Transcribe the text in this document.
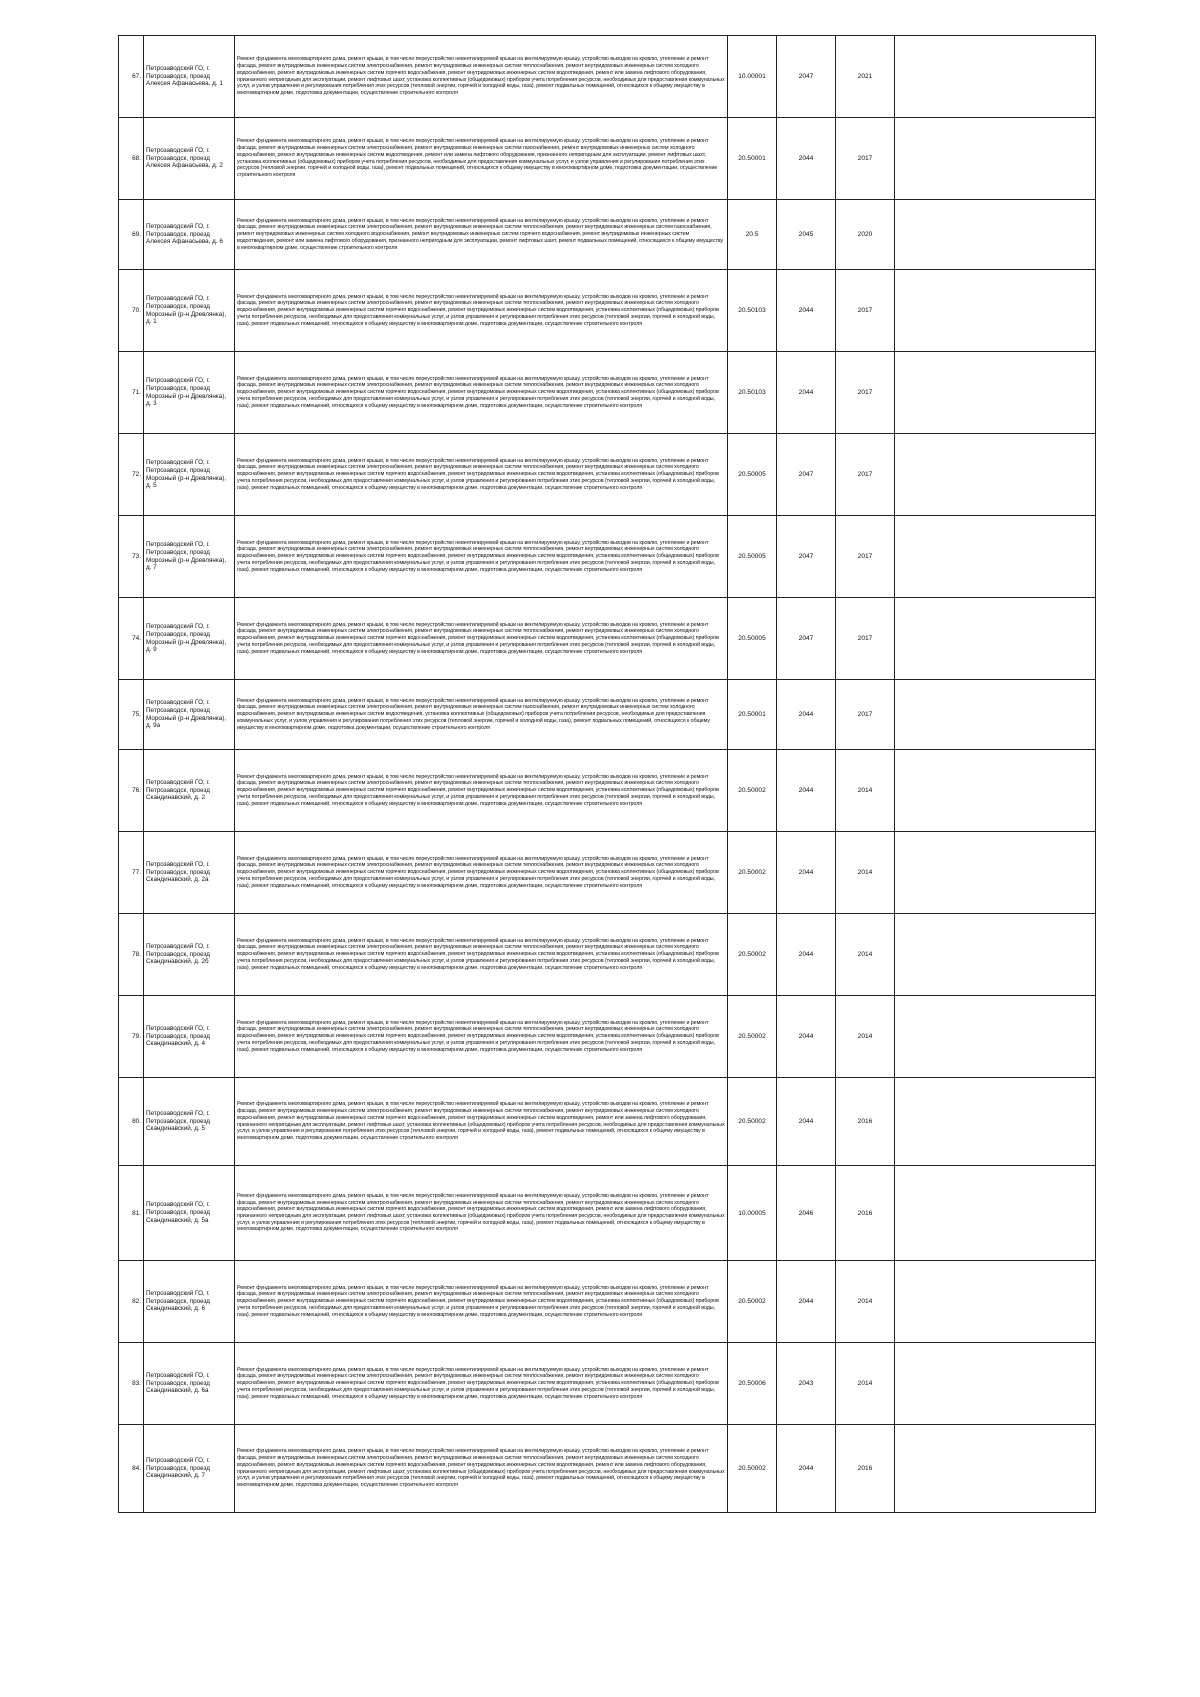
67.	Петрозаводский ГО, г. Петрозаводск, проезд Алексея Афанасьева, д. 1	Ремонт фундамента многоквартирного дома, ремонт крыши, в том числе переустройство невентилируемой крыши на вентилируемую крышу, устройство выходов на кровлю, утепление и ремонт фасада, ремонт внутридомовых инженерных систем электроснабжения, ремонт внутридомовых инженерных систем теплоснабжения, ремонт внутридомовых инженерных систем холодного водоснабжения, ремонт внутридомовых инженерных систем горячего водоснабжения, ремонт внутридомовых инженерных систем водоотведения, ремонт или замена лифтового оборудования, признанного непригодным для эксплуатации, ремонт лифтовых шахт, установка коллективных (общедомовых) приборов учета потребления ресурсов, необходимых для предоставления коммунальных услуг, и узлов управления и регулирования потребления этих ресурсов (тепловой энергии, горячей и холодной воды, газа), ремонт подвальных помещений, относящихся к общему имуществу в многоквартирном доме, подготовка документации, осуществление строительного контроля	10.00001	2047	2021	
68.	Петрозаводский ГО, г. Петрозаводск, проезд Алексея Афанасьева, д. 2	Ремонт фундамента многоквартирного дома, ремонт крыши, в том числе переустройство невентилируемой крыши на вентилируемую крышу, устройство выходов на кровлю, утепление и ремонт фасада, ремонт внутридомовых инженерных систем электроснабжения, ремонт внутридомовых инженерных систем газоснабжения, ремонт внутридомовых инженерных систем холодного водоснабжения, ремонт внутридомовых инженерных систем водоотведения, ремонт или замена лифтового оборудования, признанного непригодным для эксплуатации, ремонт лифтовых шахт, установка коллективных (общедомовых) приборов учета потребления ресурсов, необходимых для предоставления коммунальных услуг, и узлов управления и регулирования потребления этих ресурсов (тепловой энергии, горячей и холодной воды, газа), ремонт подвальных помещений, относящихся к общему имуществу в многоквартирном доме, подготовка документации, осуществление строительного контроля	20.50001	2044	2017	
69.	Петрозаводский ГО, г. Петрозаводск, проезд Алексея Афанасьева, д. 6	Ремонт фундамента многоквартирного дома, ремонт крыши, в том числе переустройство невентилируемой крыши на вентилируемую крышу, устройство выходов на кровлю, утепление и ремонт фасада, ремонт внутридомовых инженерных систем электроснабжения, ремонт внутридомовых инженерных систем теплоснабжения, ремонт внутридомовых инженерных систем газоснабжения, ремонт внутридомовых инженерных систем холодного водоснабжения, ремонт внутридомовых инженерных систем горячего водоснабжения, ремонт внутридомовых инженерных систем водоотведения, ремонт или замена лифтового оборудования, признанного непригодным для эксплуатации, ремонт лифтовых шахт, ремонт подвальных помещений, относящихся к общему имуществу в многоквартирном доме, осуществление строительного контроля	20.5	2045	2020	
70.	Петрозаводский ГО, г. Петрозаводск, проезд Морозный (р-н Древлянка), д. 1	Ремонт фундамента многоквартирного дома, ремонт крыши, в том числе переустройство невентилируемой крыши на вентилируемую крышу, устройство выходов на кровлю, утепление и ремонт фасада, ремонт внутридомовых инженерных систем электроснабжения, ремонт внутридомовых инженерных систем теплоснабжения, ремонт внутридомовых инженерных систем холодного водоснабжения, ремонт внутридомовых инженерных систем горячего водоснабжения, ремонт внутридомовых инженерных систем водоотведения, установка коллективных (общедомовых) приборов учета потребления ресурсов, необходимых для предоставления коммунальных услуг, и узлов управления и регулирования потребления этих ресурсов (тепловой энергии, горячей и холодной воды, газа), ремонт подвальных помещений, относящихся к общему имуществу в многоквартирном доме, подготовка документации, осуществление строительного контроля	20.50103	2044	2017	
71.	Петрозаводский ГО, г. Петрозаводск, проезд Морозный (р-н Древлянка), д. 3	Ремонт фундамента многоквартирного дома, ремонт крыши, в том числе переустройство невентилируемой крыши на вентилируемую крышу, устройство выходов на кровлю, утепление и ремонт фасада, ремонт внутридомовых инженерных систем электроснабжения, ремонт внутридомовых инженерных систем теплоснабжения, ремонт внутридомовых инженерных систем холодного водоснабжения, ремонт внутридомовых инженерных систем горячего водоснабжения, ремонт внутридомовых инженерных систем водоотведения, установка коллективных (общедомовых) приборов учета потребления ресурсов, необходимых для предоставления коммунальных услуг, и узлов управления и регулирования потребления этих ресурсов (тепловой энергии, горячей и холодной воды, газа), ремонт подвальных помещений, относящихся к общему имуществу в многоквартирном доме, подготовка документации, осуществление строительного контроля	20.50103	2044	2017	
72.	Петрозаводский ГО, г. Петрозаводск, проезд Морозный (р-н Древлянка), д. 5	Ремонт фундамента многоквартирного дома, ремонт крыши, в том числе переустройство невентилируемой крыши на вентилируемую крышу, устройство выходов на кровлю, утепление и ремонт фасада, ремонт внутридомовых инженерных систем электроснабжения, ремонт внутридомовых инженерных систем теплоснабжения, ремонт внутридомовых инженерных систем холодного водоснабжения, ремонт внутридомовых инженерных систем горячего водоснабжения, ремонт внутридомовых инженерных систем водоотведения, установка коллективных (общедомовых) приборов учета потребления ресурсов, необходимых для предоставления коммунальных услуг, и узлов управления и регулирования потребления этих ресурсов (тепловой энергии, горячей и холодной воды, газа), ремонт подвальных помещений, относящихся к общему имуществу в многоквартирном доме, подготовка документации, осуществление строительного контроля	20.50005	2047	2017	
73.	Петрозаводский ГО, г. Петрозаводск, проезд Морозный (р-н Древлянка), д. 7	Ремонт фундамента многоквартирного дома, ремонт крыши, в том числе переустройство невентилируемой крыши на вентилируемую крышу, устройство выходов на кровлю, утепление и ремонт фасада, ремонт внутридомовых инженерных систем электроснабжения, ремонт внутридомовых инженерных систем теплоснабжения, ремонт внутридомовых инженерных систем холодного водоснабжения, ремонт внутридомовых инженерных систем горячего водоснабжения, ремонт внутридомовых инженерных систем водоотведения, установка коллективных (общедомовых) приборов учета потребления ресурсов, необходимых для предоставления коммунальных услуг, и узлов управления и регулирования потребления этих ресурсов (тепловой энергии, горячей и холодной воды, газа), ремонт подвальных помещений, относящихся к общему имуществу в многоквартирном доме, подготовка документации, осуществление строительного контроля	20.50005	2047	2017	
74.	Петрозаводский ГО, г. Петрозаводск, проезд Морозный (р-н Древлянка), д. 9	Ремонт фундамента многоквартирного дома, ремонт крыши, в том числе переустройство невентилируемой крыши на вентилируемую крышу, устройство выходов на кровлю, утепление и ремонт фасада, ремонт внутридомовых инженерных систем электроснабжения, ремонт внутридомовых инженерных систем теплоснабжения, ремонт внутридомовых инженерных систем холодного водоснабжения, ремонт внутридомовых инженерных систем горячего водоснабжения, ремонт внутридомовых инженерных систем водоотведения, установка коллективных (общедомовых) приборов учета потребления ресурсов, необходимых для предоставления коммунальных услуг, и узлов управления и регулирования потребления этих ресурсов (тепловой энергии, горячей и холодной воды, газа), ремонт подвальных помещений, относящихся к общему имуществу в многоквартирном доме, подготовка документации, осуществление строительного контроля	20.50005	2047	2017	
75.	Петрозаводский ГО, г. Петрозаводск, проезд Морозный (р-н Древлянка), д. 9а	Ремонт фундамента многоквартирного дома, ремонт крыши, в том числе переустройство невентилируемой крыши на вентилируемую крышу, устройство выходов на кровлю, утепление и ремонт фасада, ремонт внутридомовых инженерных систем электроснабжения, ремонт внутридомовых инженерных систем газоснабжения, ремонт внутридомовых инженерных систем холодного водоснабжения, ремонт внутридомовых инженерных систем водоотведения, установка коллективных (общедомовых) приборов учета потребления ресурсов, необходимых для предоставления коммунальных услуг, и узлов управления и регулирования потребления этих ресурсов (тепловой энергии, горячей и холодной воды, газа), ремонт подвальных помещений, относящихся к общему имуществу в многоквартирном доме, подготовка документации, осуществление строительного контроля	20.50001	2044	2017	
76.	Петрозаводский ГО, г. Петрозаводск, проезд Скандинавский, д. 2	Ремонт фундамента многоквартирного дома, ремонт крыши, в том числе переустройство невентилируемой крыши на вентилируемую крышу, устройство выходов на кровлю, утепление и ремонт фасада, ремонт внутридомовых инженерных систем электроснабжения, ремонт внутридомовых инженерных систем теплоснабжения, ремонт внутридомовых инженерных систем холодного водоснабжения, ремонт внутридомовых инженерных систем горячего водоснабжения, ремонт внутридомовых инженерных систем водоотведения, установка коллективных (общедомовых) приборов учета потребления ресурсов, необходимых для предоставления коммунальных услуг, и узлов управления и регулирования потребления этих ресурсов (тепловой энергии, горячей и холодной воды, газа), ремонт подвальных помещений, относящихся к общему имуществу в многоквартирном доме, подготовка документации, осуществление строительного контроля	20.50002	2044	2014	
77.	Петрозаводский ГО, г. Петрозаводск, проезд Скандинавский, д. 2а	Ремонт фундамента многоквартирного дома, ремонт крыши, в том числе переустройство невентилируемой крыши на вентилируемую крышу, устройство выходов на кровлю, утепление и ремонт фасада, ремонт внутридомовых инженерных систем электроснабжения, ремонт внутридомовых инженерных систем теплоснабжения, ремонт внутридомовых инженерных систем холодного водоснабжения, ремонт внутридомовых инженерных систем горячего водоснабжения, ремонт внутридомовых инженерных систем водоотведения, установка коллективных (общедомовых) приборов учета потребления ресурсов, необходимых для предоставления коммунальных услуг, и узлов управления и регулирования потребления этих ресурсов (тепловой энергии, горячей и холодной воды, газа), ремонт подвальных помещений, относящихся к общему имуществу в многоквартирном доме, подготовка документации, осуществление строительного контроля	20.50002	2044	2014	
78.	Петрозаводский ГО, г. Петрозаводск, проезд Скандинавский, д. 2б	Ремонт фундамента многоквартирного дома, ремонт крыши, в том числе переустройство невентилируемой крыши на вентилируемую крышу, устройство выходов на кровлю, утепление и ремонт фасада, ремонт внутридомовых инженерных систем электроснабжения, ремонт внутридомовых инженерных систем теплоснабжения, ремонт внутридомовых инженерных систем холодного водоснабжения, ремонт внутридомовых инженерных систем горячего водоснабжения, ремонт внутридомовых инженерных систем водоотведения, установка коллективных (общедомовых) приборов учета потребления ресурсов, необходимых для предоставления коммунальных услуг, и узлов управления и регулирования потребления этих ресурсов (тепловой энергии, горячей и холодной воды, газа), ремонт подвальных помещений, относящихся к общему имуществу в многоквартирном доме, подготовка документации, осуществление строительного контроля	20.50002	2044	2014	
79.	Петрозаводский ГО, г. Петрозаводск, проезд Скандинавский, д. 4	Ремонт фундамента многоквартирного дома, ремонт крыши, в том числе переустройство невентилируемой крыши на вентилируемую крышу, устройство выходов на кровлю, утепление и ремонт фасада, ремонт внутридомовых инженерных систем электроснабжения, ремонт внутридомовых инженерных систем теплоснабжения, ремонт внутридомовых инженерных систем холодного водоснабжения, ремонт внутридомовых инженерных систем горячего водоснабжения, ремонт внутридомовых инженерных систем водоотведения, установка коллективных (общедомовых) приборов учета потребления ресурсов, необходимых для предоставления коммунальных услуг, и узлов управления и регулирования потребления этих ресурсов (тепловой энергии, горячей и холодной воды, газа), ремонт подвальных помещений, относящихся к общему имуществу в многоквартирном доме, подготовка документации, осуществление строительного контроля	20.50002	2044	2014	
80.	Петрозаводский ГО, г. Петрозаводск, проезд Скандинавский, д. 5	Ремонт фундамента многоквартирного дома, ремонт крыши, в том числе переустройство невентилируемой крыши на вентилируемую крышу, устройство выходов на кровлю, утепление и ремонт фасада, ремонт внутридомовых инженерных систем электроснабжения, ремонт внутридомовых инженерных систем теплоснабжения, ремонт внутридомовых инженерных систем холодного водоснабжения, ремонт внутридомовых инженерных систем горячего водоснабжения, ремонт внутридомовых инженерных систем водоотведения, ремонт или замена лифтового оборудования, признанного непригодным для эксплуатации, ремонт лифтовых шахт, установка коллективных (общедомовых) приборов учета потребления ресурсов, необходимых для предоставления коммунальных услуг, и узлов управления и регулирования потребления этих ресурсов (тепловой энергии, горячей и холодной воды, газа), ремонт подвальных помещений, относящихся к общему имуществу в многоквартирном доме, подготовка документации, осуществление строительного контроля	20.50002	2044	2016	
81.	Петрозаводский ГО, г. Петрозаводск, проезд Скандинавский, д. 5а	Ремонт фундамента многоквартирного дома, ремонт крыши, в том числе переустройство невентилируемой крыши на вентилируемую крышу, устройство выходов на кровлю, утепление и ремонт фасада, ремонт внутридомовых инженерных систем электроснабжения, ремонт внутридомовых инженерных систем теплоснабжения, ремонт внутридомовых инженерных систем холодного водоснабжения, ремонт внутридомовых инженерных систем горячего водоснабжения, ремонт внутридомовых инженерных систем водоотведения, ремонт или замена лифтового оборудования, признанного непригодным для эксплуатации, ремонт лифтовых шахт, установка коллективных (общедомовых) приборов учета потребления ресурсов, необходимых для предоставления коммунальных услуг, и узлов управления и регулирования потребления этих ресурсов (тепловой энергии, горячей и холодной воды, газа), ремонт подвальных помещений, относящихся к общему имуществу в многоквартирном доме, подготовка документации, осуществление строительного контроля	10.00005	2046	2016	
82.	Петрозаводский ГО, г. Петрозаводск, проезд Скандинавский, д. 6	Ремонт фундамента многоквартирного дома, ремонт крыши, в том числе переустройство невентилируемой крыши на вентилируемую крышу, устройство выходов на кровлю, утепление и ремонт фасада, ремонт внутридомовых инженерных систем электроснабжения, ремонт внутридомовых инженерных систем теплоснабжения, ремонт внутридомовых инженерных систем холодного водоснабжения, ремонт внутридомовых инженерных систем горячего водоснабжения, ремонт внутридомовых инженерных систем водоотведения, установка коллективных (общедомовых) приборов учета потребления ресурсов, необходимых для предоставления коммунальных услуг, и узлов управления и регулирования потребления этих ресурсов (тепловой энергии, горячей и холодной воды, газа), ремонт подвальных помещений, относящихся к общему имуществу в многоквартирном доме, подготовка документации, осуществление строительного контроля	20.50002	2044	2014	
83.	Петрозаводский ГО, г. Петрозаводск, проезд Скандинавский, д. 6а	Ремонт фундамента многоквартирного дома, ремонт крыши, в том числе переустройство невентилируемой крыши на вентилируемую крышу, устройство выходов на кровлю, утепление и ремонт фасада, ремонт внутридомовых инженерных систем электроснабжения, ремонт внутридомовых инженерных систем теплоснабжения, ремонт внутридомовых инженерных систем холодного водоснабжения, ремонт внутридомовых инженерных систем горячего водоснабжения, ремонт внутридомовых инженерных систем водоотведения, установка коллективных (общедомовых) приборов учета потребления ресурсов, необходимых для предоставления коммунальных услуг, и узлов управления и регулирования потребления этих ресурсов (тепловой энергии, горячей и холодной воды, газа), ремонт подвальных помещений, относящихся к общему имуществу в многоквартирном доме, подготовка документации, осуществление строительного контроля	20.50006	2043	2014	
84.	Петрозаводский ГО, г. Петрозаводск, проезд Скандинавский, д. 7	Ремонт фундамента многоквартирного дома, ремонт крыши, в том числе переустройство невентилируемой крыши на вентилируемую крышу, устройство выходов на кровлю, утепление и ремонт фасада, ремонт внутридомовых инженерных систем электроснабжения, ремонт внутридомовых инженерных систем теплоснабжения, ремонт внутридомовых инженерных систем холодного водоснабжения, ремонт внутридомовых инженерных систем горячего водоснабжения, ремонт внутридомовых инженерных систем водоотведения, ремонт или замена лифтового оборудования, признанного непригодным для эксплуатации, ремонт лифтовых шахт, установка коллективных (общедомовых) приборов учета потребления ресурсов, необходимых для предоставления коммунальных услуг, и узлов управления и регулирования потребления этих ресурсов (тепловой энергии, горячей и холодной воды, газа), ремонт подвальных помещений, относящихся к общему имуществу в многоквартирном доме, подготовка документации, осуществление строительного контроля	20.50002	2044	2016	
